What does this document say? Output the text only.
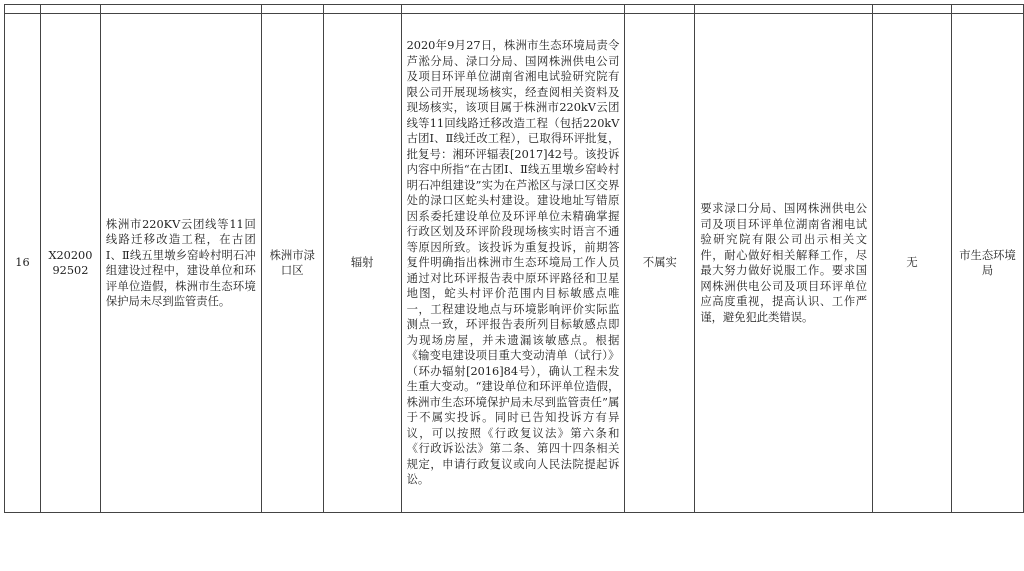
16	X2020092502	株洲市220KV云团线等11回线路迁移改造工程，在古团Ⅰ、Ⅱ线五里墩乡窑岭村明石冲组建设过程中，建设单位和环评单位造假，株洲市生态环境保护局未尽到监管责任。	株洲市渌口区	辐射	2020年9月27日，株洲市生态环境局责令芦淞分局、渌口分局、国网株洲供电公司及项目环评单位湖南省湘电试验研究院有限公司开展现场核实，经查阅相关资料及现场核实，该项目属于株洲市220kV云团线等11回线路迁移改造工程（包括220kV古团Ⅰ、Ⅱ线迁改工程），已取得环评批复，批复号：湘环评辐表[2017]42号。该投诉内容中所指“在古团Ⅰ、Ⅱ线五里墩乡窑岭村明石冲组建设”实为在芦淞区与渌口区交界处的渌口区蛇头村建设。建设地址写错原因系委托建设单位及环评单位未精确掌握行政区划及环评阶段现场核实时语言不通等原因所致。该投诉为重复投诉，前期答复件明确指出株洲市生态环境局工作人员通过对比环评报告表中原环评路径和卫星地图，蛇头村评价范围内目标敏感点唯一，工程建设地点与环境影响评价实际监测点一致，环评报告表所列目标敏感点即为现场房屋，并未遗漏该敏感点。根据《输变电建设项目重大变动清单（试行）》（环办辐射[2016]84号），确认工程未发生重大变动。“建设单位和环评单位造假，株洲市生态环境保护局未尽到监管责任”属于不属实投诉。同时已告知投诉方有异议，可以按照《行政复议法》第六条和《行政诉讼法》第二条、第四十四条相关规定，申请行政复议或向人民法院提起诉讼。	不属实	要求渌口分局、国网株洲供电公司及项目环评单位湖南省湘电试验研究院有限公司出示相关文件，耐心做好相关解释工作，尽最大努力做好说服工作。要求国网株洲供电公司及项目环评单位应高度重视，提高认识、工作严谨，避免犯此类错误。	无	市生态环境局
